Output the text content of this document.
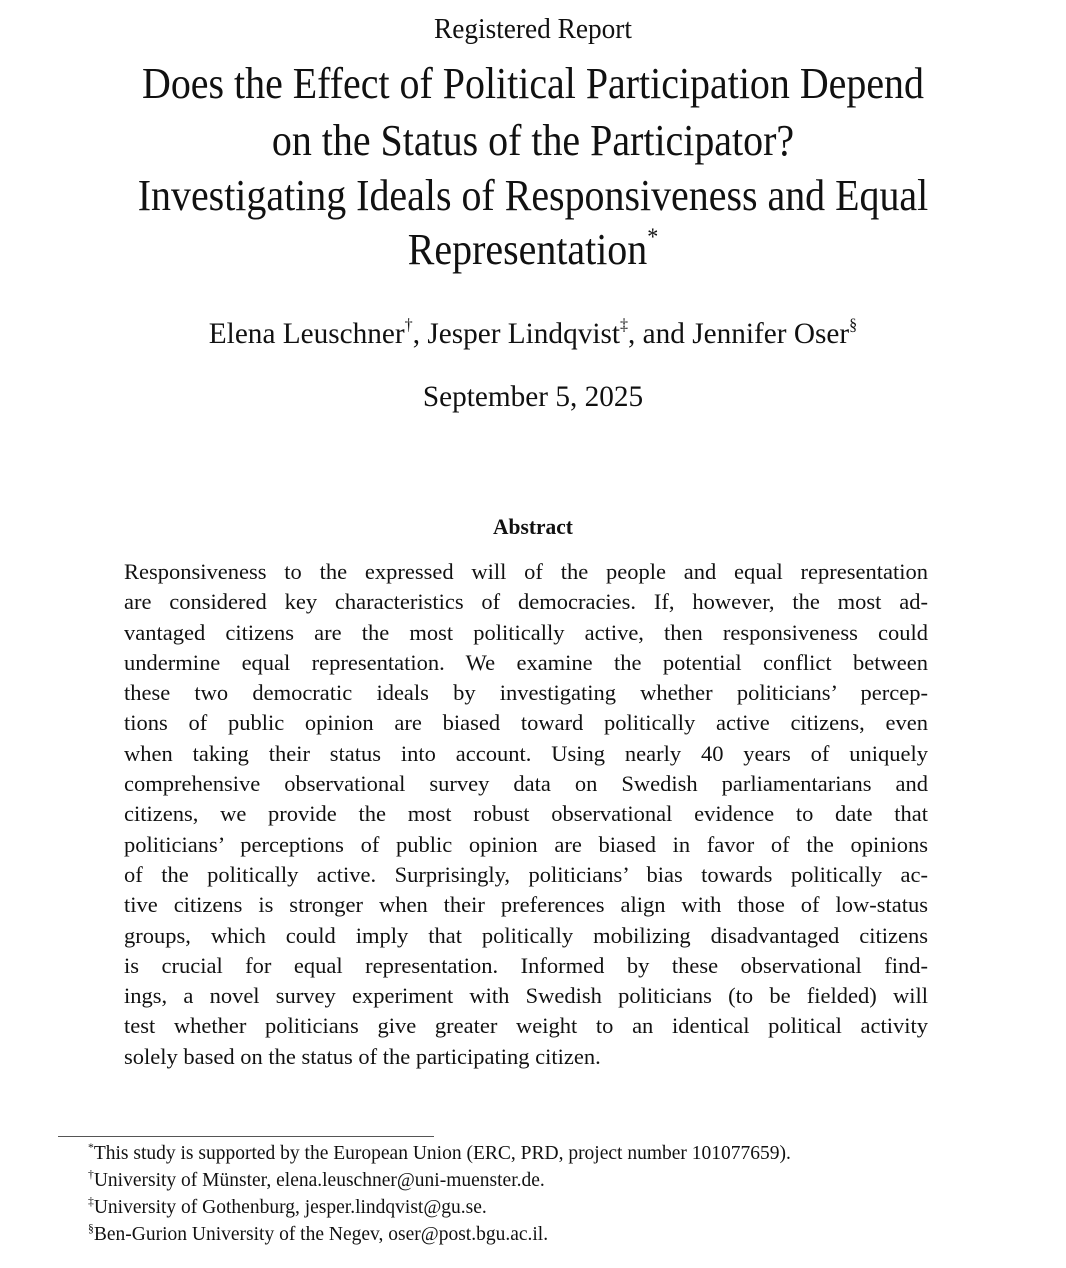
Registered Report
Does the Effect of Political Participation Depend
on the Status of the Participator?
Investigating Ideals of Responsiveness and Equal
Representation*
Elena Leuschner†, Jesper Lindqvist‡, and Jennifer Oser§
September 5, 2025
Abstract
Responsiveness to the expressed will of the people and equal representation
are considered key characteristics of democracies. If, however, the most ad-
vantaged citizens are the most politically active, then responsiveness could
undermine equal representation. We examine the potential conflict between
these two democratic ideals by investigating whether politicians’ percep-
tions of public opinion are biased toward politically active citizens, even
when taking their status into account. Using nearly 40 years of uniquely
comprehensive observational survey data on Swedish parliamentarians and
citizens, we provide the most robust observational evidence to date that
politicians’ perceptions of public opinion are biased in favor of the opinions
of the politically active. Surprisingly, politicians’ bias towards politically ac-
tive citizens is stronger when their preferences align with those of low-status
groups, which could imply that politically mobilizing disadvantaged citizens
is crucial for equal representation. Informed by these observational find-
ings, a novel survey experiment with Swedish politicians (to be fielded) will
test whether politicians give greater weight to an identical political activity
solely based on the status of the participating citizen.
*This study is supported by the European Union (ERC, PRD, project number 101077659).
†University of Münster, elena.leuschner@uni-muenster.de.
‡University of Gothenburg, jesper.lindqvist@gu.se.
§Ben-Gurion University of the Negev, oser@post.bgu.ac.il.
